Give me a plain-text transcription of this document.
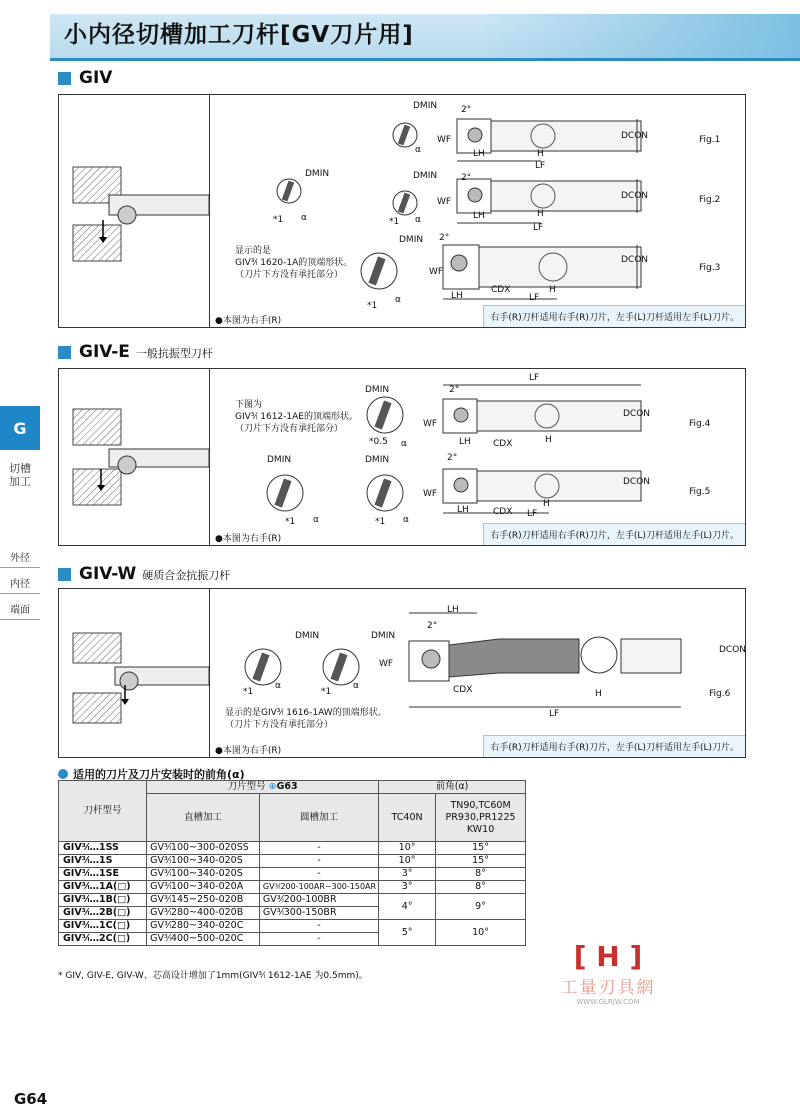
小内径切槽加工刀杆[GV刀片用]
G
切槽加工
外径
内径
端面
GIV
DMIN
DMIN
DMIN
DMIN
α
α
α
α
*1
*1
*1
WF
WF
WF
LH
LH
LH
LF
LF
LF
H
H
H
DCON
DCON
DCON
2°
2°
2°
CDX
显示的是
GIV³⁄ₗ 1620-1A的顶端形状。
（刀片下方没有承托部分）
Fig.1
Fig.2
Fig.3
●本图为右手(R)	右手(R)刀杆适用右手(R)刀片，左手(L)刀杆适用左手(L)刀片。
GIV-E 一般抗振型刀杆
下图为
GIV³⁄ₗ 1612-1AE的顶端形状。
（刀片下方没有承托部分）
DMIN
DMIN	DMIN
*0.5 α
*1 α	*1 α
LF
2°
2°
WF
WF
LH
LH
CDX
CDX
H
H
LF
DCON
DCON
Fig.4
Fig.5
●本图为右手(R)	右手(R)刀杆适用右手(R)刀片，左手(L)刀杆适用左手(L)刀片。
GIV-W 硬质合金抗振刀杆
DMIN	DMIN
*1
α
*1
α
LH
2°
WF
CDX	H
LF
DCON
显示的是GIV³⁄ₗ 1616-1AW的顶端形状。
（刀片下方没有承托部分）
Fig.6
●本图为右手(R)	右手(R)刀杆适用右手(R)刀片，左手(L)刀杆适用左手(L)刀片。
适用的刀片及刀片安装时的前角(α)
刀杆型号	刀片型号 ⊕G63		前角(α)	
	直槽加工	圆槽加工	TC40N	TN90,TC60M PR930,PR1225 KW10
GIV³⁄ₗ…1SS	GV³⁄ₗ100~300-020SS	-	10°	15°
GIV³⁄ₗ…1S	GV³⁄ₗ100~340-020S	-	10°	15°
GIV³⁄ₗ…1SE	GV³⁄ₗ100~340-020S	-	3°	8°
GIV³⁄ₗ…1A(□)	GV³⁄ₗ100~340-020A	GV³⁄ₗ200-100AR~300-150AR	3°	8°
GIV³⁄ₗ…1B(□)	GV³⁄ₗ145~250-020B	GV³⁄ₗ200-100BR	4°	9°
GIV³⁄ₗ…2B(□)	GV³⁄ₗ280~400-020B	GV³⁄ₗ300-150BR		
GIV³⁄ₗ…1C(□)	GV³⁄ₗ280~340-020C	-	5°	10°
GIV³⁄ₗ…2C(□)	GV³⁄ₗ400~500-020C	-		
* GIV, GIV-E, GIV-W、芯高设计增加了1mm(GIV³⁄ₗ 1612-1AE 为0.5mm)。
[ H ]
工量刃具網
WWW.GLRJW.COM
G64
